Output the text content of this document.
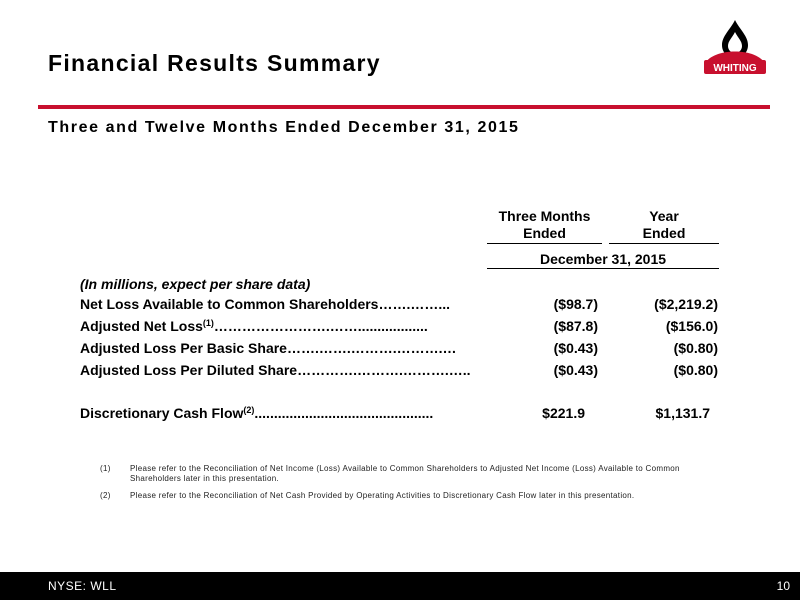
Financial Results Summary	WHITING
Three and Twelve Months Ended December 31, 2015
Three Months
Ended
Year
Ended
December 31, 2015
(In millions, expect per share data)
Net Loss Available to Common Shareholders…….……...	($98.7)	($2,219.2)
Adjusted Net Loss$^{(1)}$…………………….……..................	($87.8)	($156.0)
Adjusted Loss Per Basic Share…….…….……….……….…	($0.43)	($0.80)
Adjusted Loss Per Diluted Share………….……….……….…..	($0.43)	($0.80)
Discretionary Cash Flow$^{(2)}$..............................................	$221.9	$1,131.7
(1)	Please refer to the Reconciliation of Net Income (Loss) Available to Common Shareholders to Adjusted Net Income (Loss) Available to Common Shareholders later in this presentation.
(2)	Please refer to the Reconciliation of Net Cash Provided by Operating Activities to Discretionary Cash Flow later in this presentation.
NYSE: WLL	10
